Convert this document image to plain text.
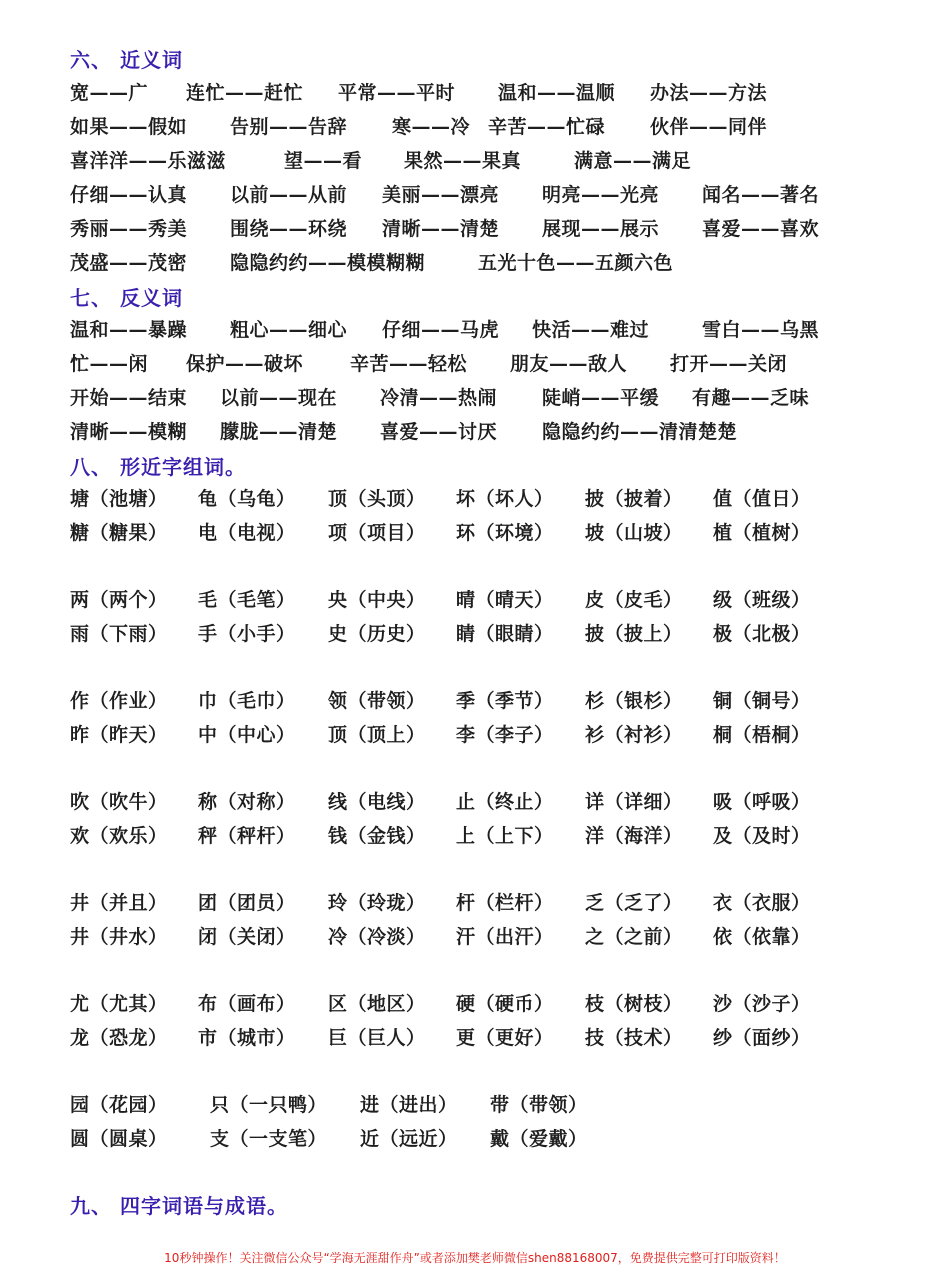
六、 近义词
宽——广 连忙——赶忙 平常——平时 温和——温顺 办法——方法
如果——假如 告别——告辞 寒——冷 辛苦——忙碌 伙伴——同伴
喜洋洋——乐滋滋	望——看 果然——果真	满意——满足
仔细——认真 以前——从前 美丽——漂亮 明亮——光亮 闻名——著名
秀丽——秀美 围绕——环绕 清晰——清楚 展现——展示 喜爱——喜欢
茂盛——茂密 隐隐约约——模模糊糊	五光十色——五颜六色
七、 反义词
温和——暴躁 粗心——细心 仔细——马虎 快活——难过	雪白——乌黑
忙——闲 保护——破坏 辛苦——轻松 朋友——敌人 打开——关闭
开始——结束 以前——现在 冷清——热闹 陡峭——平缓 有趣——乏味
清晰——模糊 朦胧——清楚 喜爱——讨厌 隐隐约约——清清楚楚
八、 形近字组词。
塘（池塘） 龟（乌龟） 顶（头顶） 坏（坏人） 披（披着） 值（值日）
糖（糖果） 电（电视） 项（项目） 环（环境） 坡（山坡） 植（植树）
两（两个） 毛（毛笔） 央（中央） 晴（晴天） 皮（皮毛） 级（班级）
雨（下雨） 手（小手） 史（历史） 睛（眼睛） 披（披上） 极（北极）
作（作业） 巾（毛巾） 领（带领） 季（季节） 杉（银杉） 铜（铜号）
昨（昨天） 中（中心） 顶（顶上） 李（李子） 衫（衬衫） 桐（梧桐）
吹（吹牛） 称（对称） 线（电线） 止（终止） 详（详细） 吸（呼吸）
欢（欢乐） 秤（秤杆） 钱（金钱） 上（上下） 洋（海洋） 及（及时）
井（并且） 团（团员） 玲（玲珑） 杆（栏杆） 乏（乏了） 衣（衣服）
井（井水） 闭（关闭） 冷（冷淡） 汗（出汗） 之（之前） 依（依靠）
尤（尤其） 布（画布） 区（地区） 硬（硬币） 枝（树枝） 沙（沙子）
龙（恐龙） 市（城市） 巨（巨人） 更（更好） 技（技术） 纱（面纱）
园（花园） 只（一只鸭） 进（进出） 带（带领）
圆（圆桌） 支（一支笔） 近（远近） 戴（爱戴）
九、 四字词语与成语。
10秒钟操作！关注微信公众号“学海无涯甜作舟”或者添加樊老师微信shen88168007，免费提供完整可打印版资料！
